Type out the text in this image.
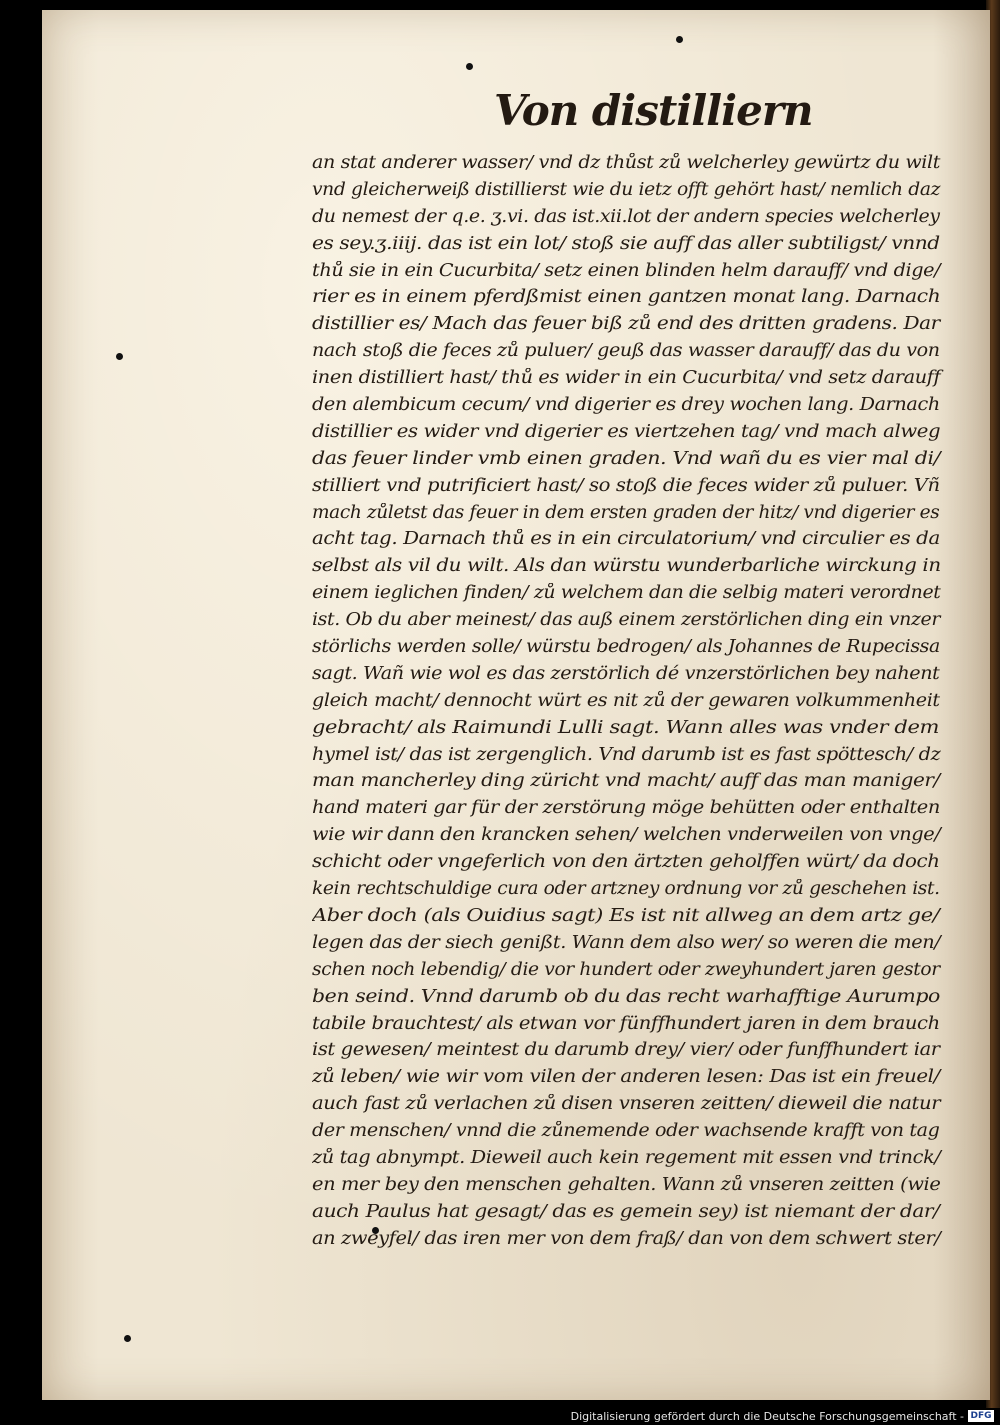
Von distilliern
an stat anderer wasser/ vnd dz thůst zů welcherley gewürtz du wilt
vnd gleicherweiß distillierst wie du ietz offt gehört hast/ nemlich daz
du nemest der q.e. ʒ.vi. das ist.xii.lot der andern species welcherley
es sey.ʒ.iiij. das ist ein lot/ stoß sie auff das aller subtiligst/ vnnd
thů sie in ein Cucurbita/ setz einen blinden helm darauff/ vnd dige/
rier es in einem pferdßmist einen gantzen monat lang. Darnach
distillier es/ Mach das feuer biß zů end des dritten gradens. Dar
nach stoß die feces zů puluer/ geuß das wasser darauff/ das du von
inen distilliert hast/ thů es wider in ein Cucurbita/ vnd setz darauff
den alembicum cecum/ vnd digerier es drey wochen lang. Darnach
distillier es wider vnd digerier es viertzehen tag/ vnd mach alweg
das feuer linder vmb einen graden. Vnd wañ du es vier mal di/
stilliert vnd putrificiert hast/ so stoß die feces wider zů puluer. Vñ
mach zůletst das feuer in dem ersten graden der hitz/ vnd digerier es
acht tag. Darnach thů es in ein circulatorium/ vnd circulier es da
selbst als vil du wilt. Als dan würstu wunderbarliche wirckung in
einem ieglichen finden/ zů welchem dan die selbig materi verordnet
ist. Ob du aber meinest/ das auß einem zerstörlichen ding ein vnzer
störlichs werden solle/ würstu bedrogen/ als Johannes de Rupecissa
sagt. Wañ wie wol es das zerstörlich dé vnzerstörlichen bey nahent
gleich macht/ dennocht würt es nit zů der gewaren volkummenheit
gebracht/ als Raimundi Lulli sagt. Wann alles was vnder dem
hymel ist/ das ist zergenglich. Vnd darumb ist es fast spöttesch/ dz
man mancherley ding züricht vnd macht/ auff das man maniger/
hand materi gar für der zerstörung möge behütten oder enthalten
wie wir dann den krancken sehen/ welchen vnderweilen von vnge/
schicht oder vngeferlich von den ärtzten geholffen würt/ da doch
kein rechtschuldige cura oder artzney ordnung vor zů geschehen ist.
Aber doch (als Ouidius sagt) Es ist nit allweg an dem artz ge/
legen das der siech genißt. Wann dem also wer/ so weren die men/
schen noch lebendig/ die vor hundert oder zweyhundert jaren gestor
ben seind. Vnnd darumb ob du das recht warhafftige Aurumpo
tabile brauchtest/ als etwan vor fünffhundert jaren in dem brauch
ist gewesen/ meintest du darumb drey/ vier/ oder funffhundert iar
zů leben/ wie wir vom vilen der anderen lesen: Das ist ein freuel/
auch fast zů verlachen zů disen vnseren zeitten/ dieweil die natur
der menschen/ vnnd die zůnemende oder wachsende krafft von tag
zů tag abnympt. Dieweil auch kein regement mit essen vnd trinck/
en mer bey den menschen gehalten. Wann zů vnseren zeitten (wie
auch Paulus hat gesagt/ das es gemein sey) ist niemant der dar/
an zweyfel/ das iren mer von dem fraß/ dan von dem schwert ster/
Digitalisierung gefördert durch die Deutsche Forschungsgemeinschaft - DFG
